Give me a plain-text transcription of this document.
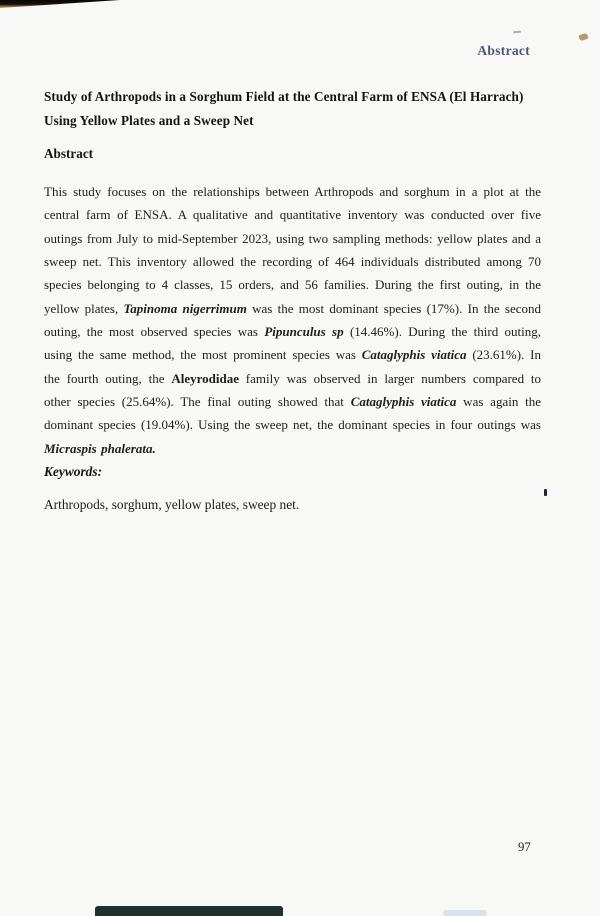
Abstract
Study of Arthropods in a Sorghum Field at the Central Farm of ENSA (El Harrach)
Using Yellow Plates and a Sweep Net
Abstract
This study focuses on the relationships between Arthropods and sorghum in a plot at the central farm of ENSA. A qualitative and quantitative inventory was conducted over five outings from July to mid-September 2023, using two sampling methods: yellow plates and a sweep net. This inventory allowed the recording of 464 individuals distributed among 70 species belonging to 4 classes, 15 orders, and 56 families. During the first outing, in the yellow plates, Tapinoma nigerrimum was the most dominant species (17%). In the second outing, the most observed species was Pipunculus sp (14.46%). During the third outing, using the same method, the most prominent species was Cataglyphis viatica (23.61%). In the fourth outing, the Aleyrodidae family was observed in larger numbers compared to other species (25.64%). The final outing showed that Cataglyphis viatica was again the dominant species (19.04%). Using the sweep net, the dominant species in four outings was Micraspis phalerata.
Keywords:
Arthropods, sorghum, yellow plates, sweep net.
97
